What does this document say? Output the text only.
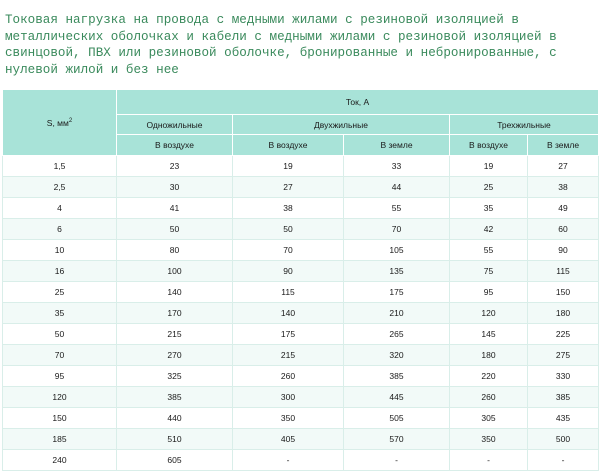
Токовая нагрузка на провода с медными жилами с резиновой изоляцией в металлических оболочках и кабели с медными жилами с резиновой изоляцией в свинцовой, ПВХ или резиновой оболочке, бронированные и небронированные, с нулевой жилой и без нее

S, $мм^2$	Ток, А				
	Одножильные	Двухжильные		Трехжильные	
	В воздухе	В воздухе	В земле	В воздухе	В земле
1,5	23	19	33	19	27
2,5	30	27	44	25	38
4	41	38	55	35	49
6	50	50	70	42	60
10	80	70	105	55	90
16	100	90	135	75	115
25	140	115	175	95	150
35	170	140	210	120	180
50	215	175	265	145	225
70	270	215	320	180	275
95	325	260	385	220	330
120	385	300	445	260	385
150	440	350	505	305	435
185	510	405	570	350	500
240	605	-	-	-	-
